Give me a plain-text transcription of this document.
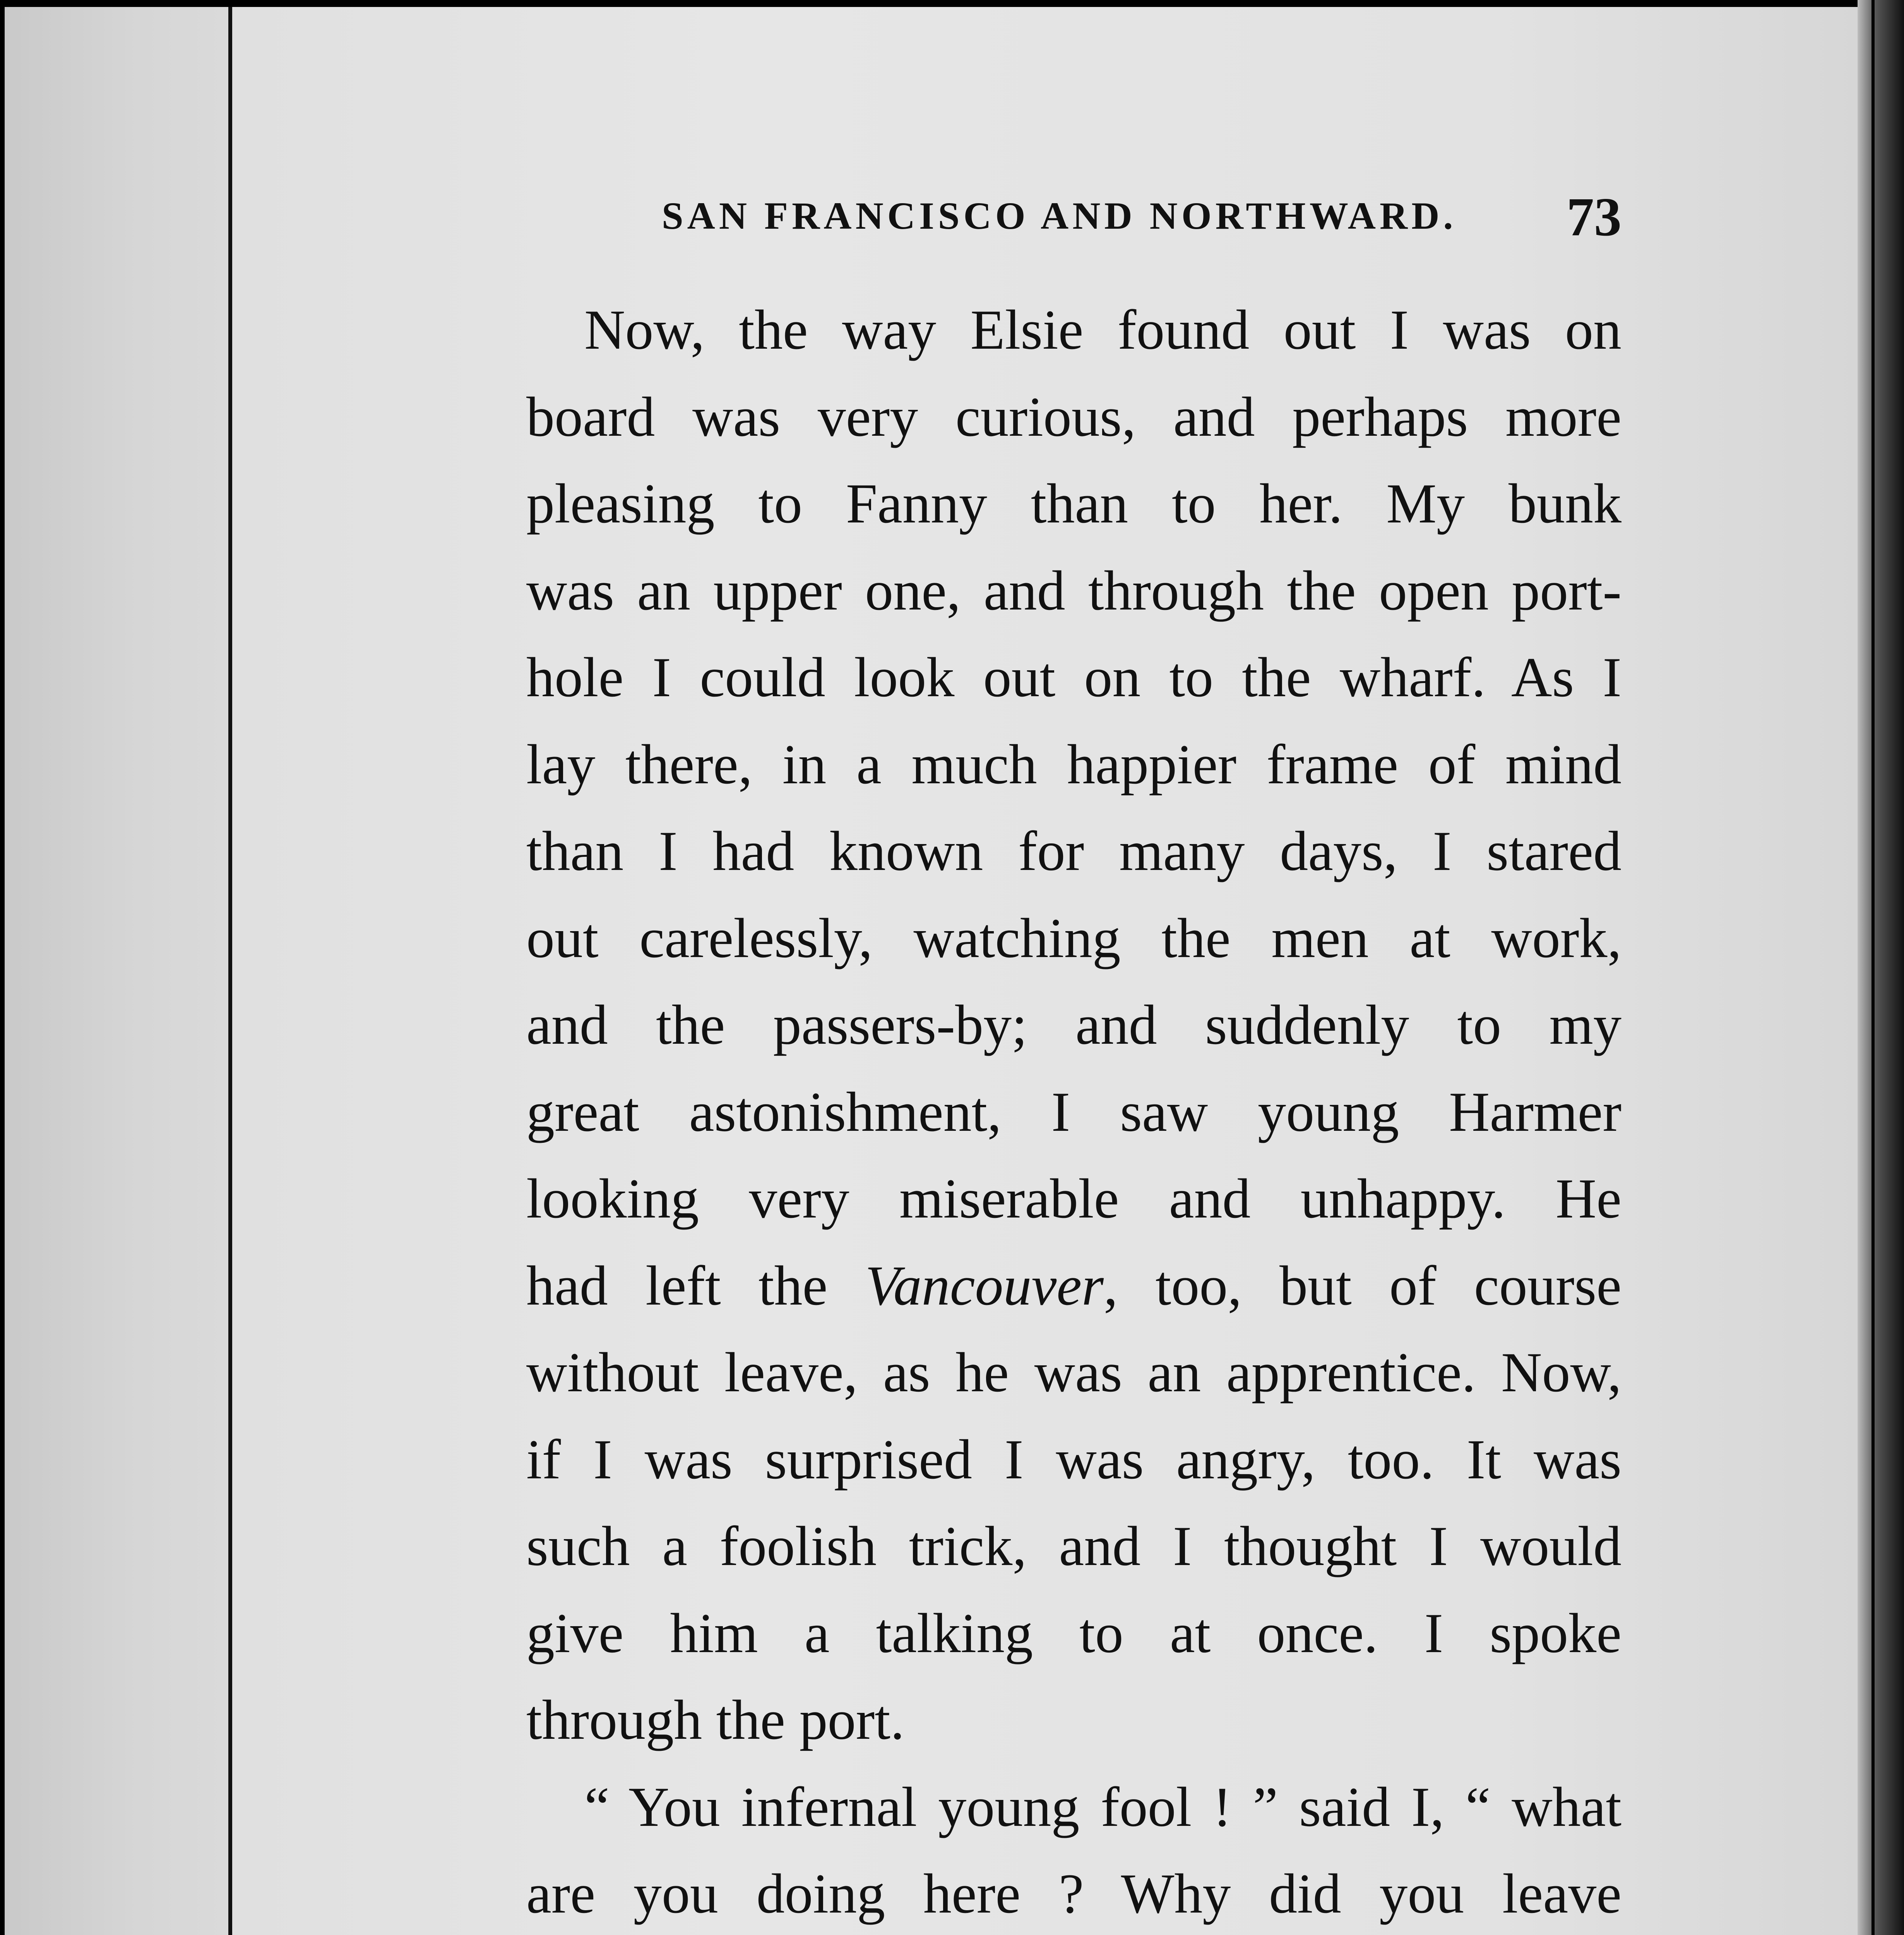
SAN FRANCISCO AND NORTHWARD. 73
Now, the way Elsie found out I was on
board was very curious, and perhaps more
pleasing to Fanny than to her. My bunk
was an upper one, and through the open port-
hole I could look out on to the wharf. As I
lay there, in a much happier frame of mind
than I had known for many days, I stared
out carelessly, watching the men at work,
and the passers-by; and suddenly to my
great astonishment, I saw young Harmer
looking very miserable and unhappy. He
had left the Vancouver, too, but of course
without leave, as he was an apprentice. Now,
if I was surprised I was angry, too. It was
such a foolish trick, and I thought I would
give him a talking to at once. I spoke
through the port.
“ You infernal young fool ! ” said I, “ what
are you doing here ? Why did you leave
